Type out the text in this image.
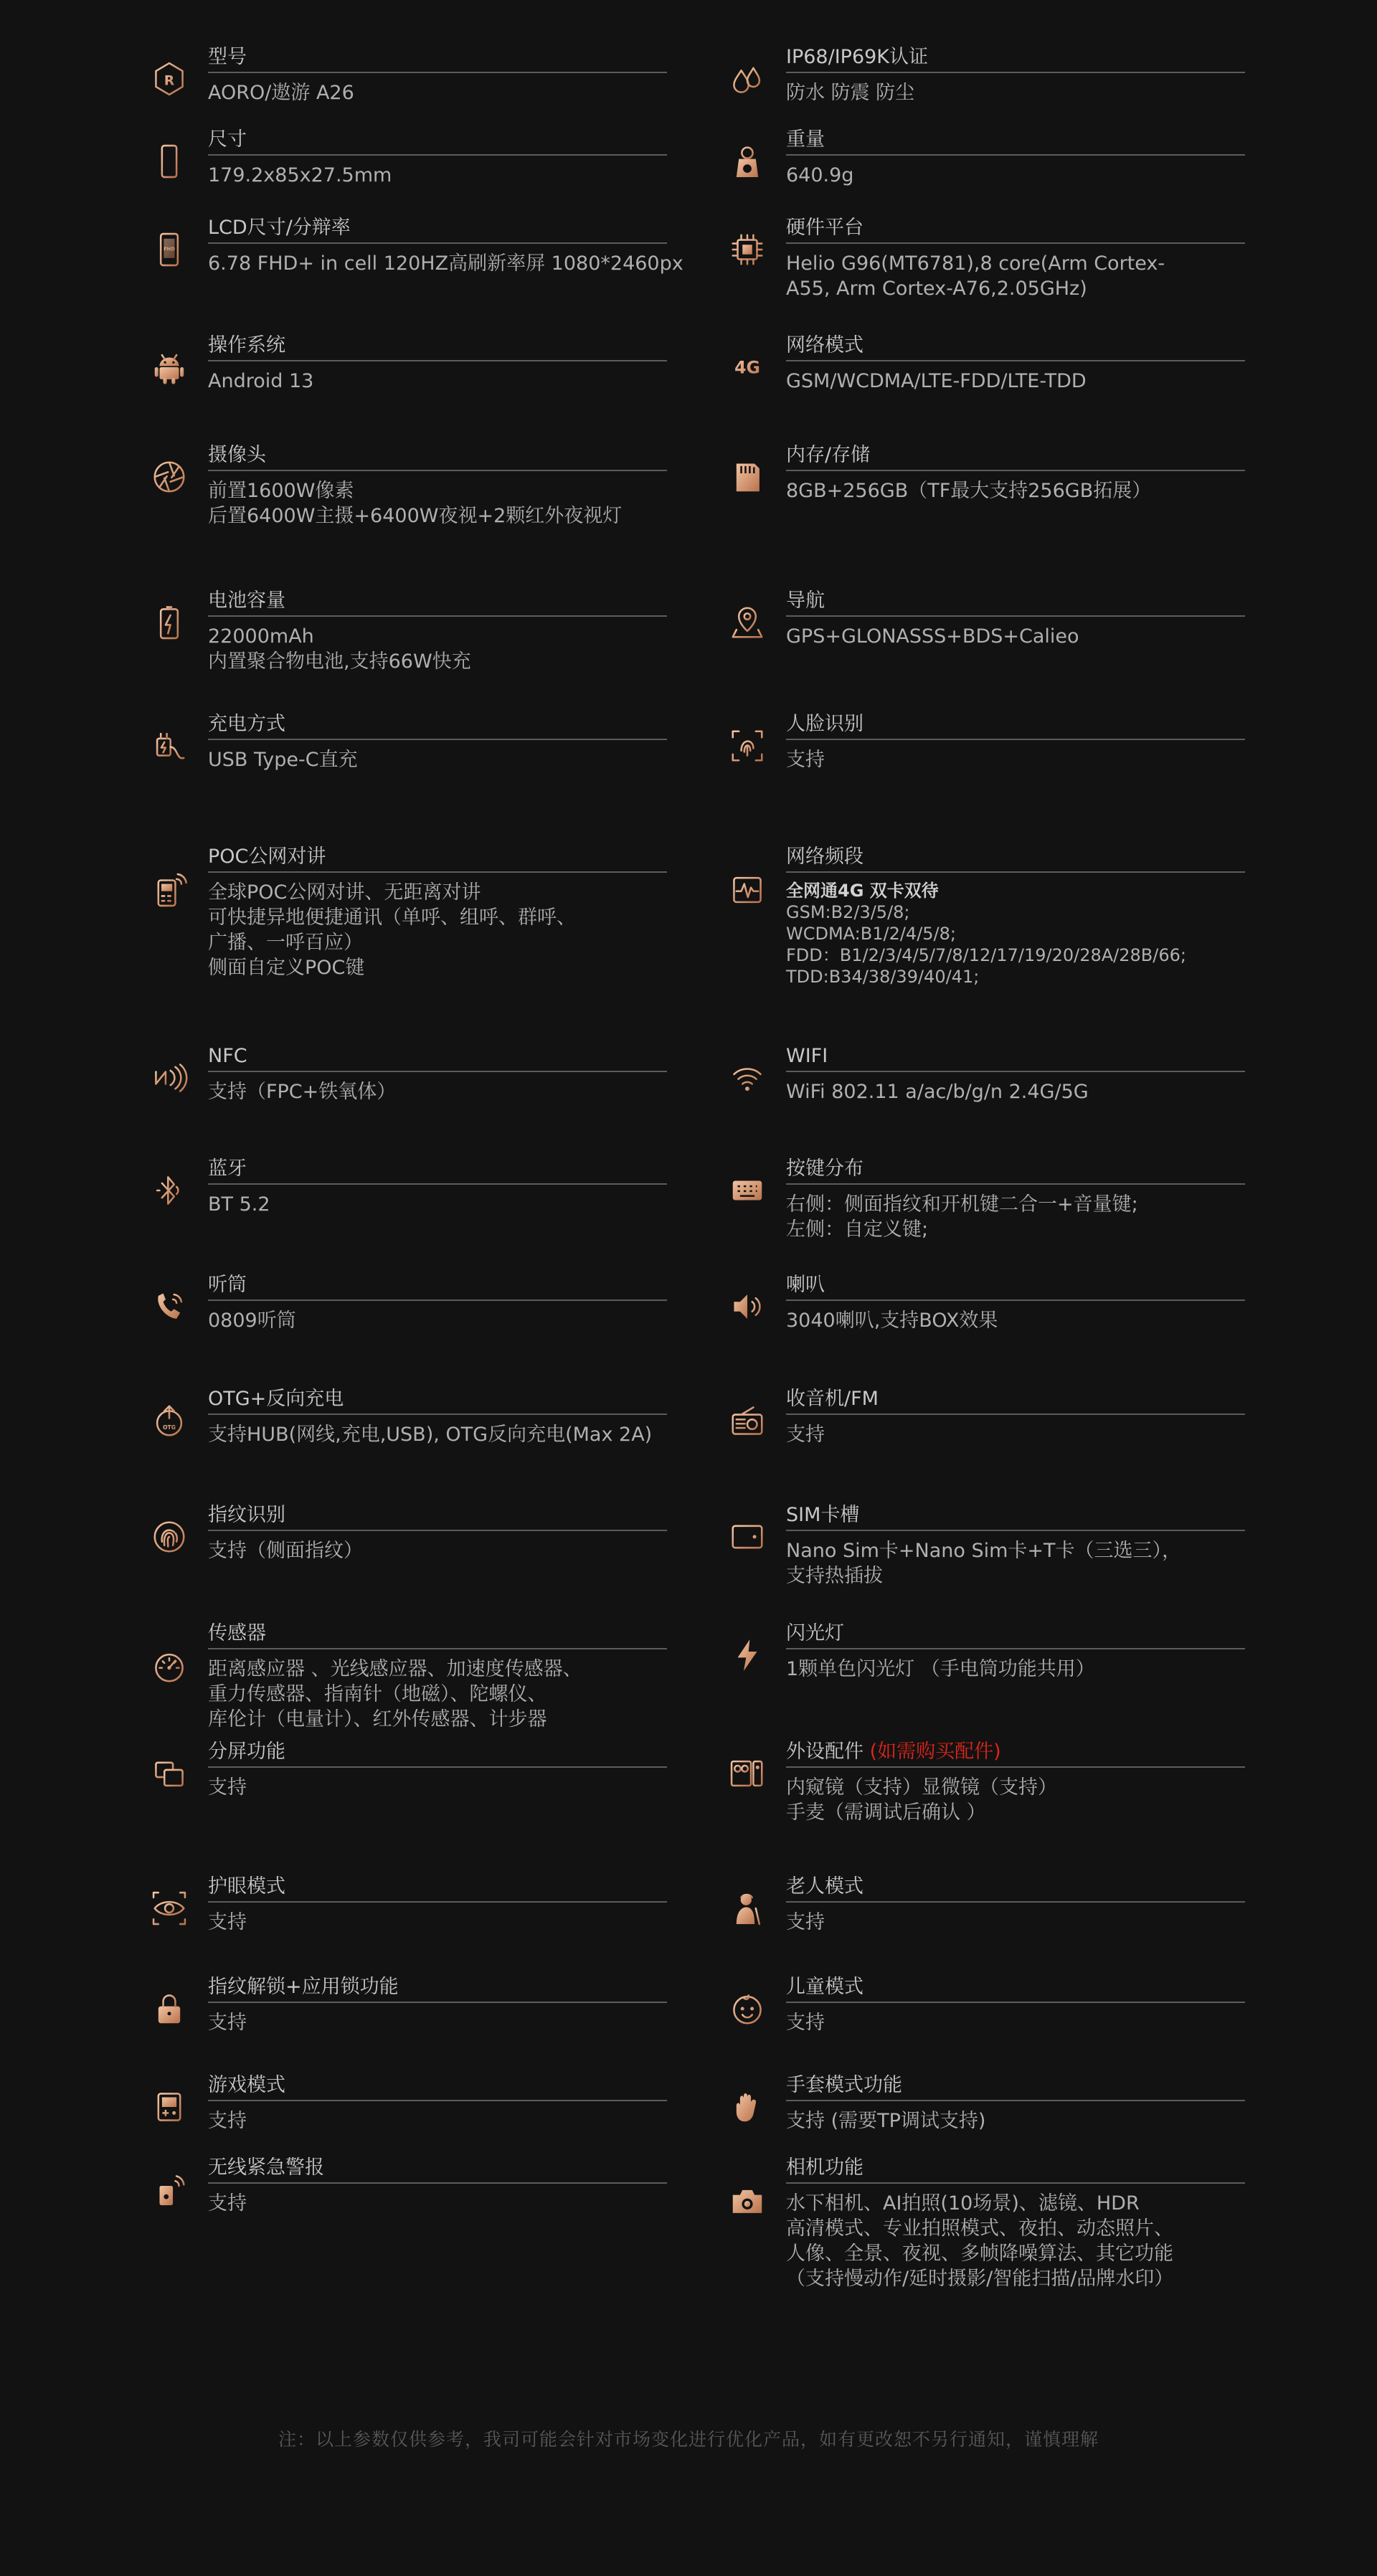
R
型号
AORO/遨游 A26
IP68/IP69K认证
防水 防震 防尘
尺寸
179.2x85x27.5mm
重量
640.9g
FHD
LCD尺寸/分辩率
6.78 FHD+ in cell 120HZ高刷新率屏 1080*2460px
硬件平台
Helio G96(MT6781),8 core(Arm Cortex-
A55, Arm Cortex-A76,2.05GHz)
操作系统
Android 13
4G
网络模式
GSM/WCDMA/LTE-FDD/LTE-TDD
摄像头
前置1600W像素
后置6400W主摄+6400W夜视+2颗红外夜视灯
内存/存储
8GB+256GB（TF最大支持256GB拓展）
电池容量
22000mAh
内置聚合物电池,支持66W快充
导航
GPS+GLONASSS+BDS+Calieo
充电方式
USB Type-C直充
人脸识别
支持
POC公网对讲
全球POC公网对讲、无距离对讲
可快捷异地便捷通讯（单呼、组呼、群呼、
广播、一呼百应）
侧面自定义POC键
网络频段
全网通4G 双卡双待
GSM:B2/3/5/8;
WCDMA:B1/2/4/5/8;
FDD：B1/2/3/4/5/7/8/12/17/19/20/28A/28B/66;
TDD:B34/38/39/40/41;
NFC
支持（FPC+铁氧体）
WIFI
WiFi 802.11 a/ac/b/g/n 2.4G/5G
蓝牙
BT 5.2
按键分布
右侧：侧面指纹和开机键二合一+音量键;
左侧：自定义键;
听筒
0809听筒
喇叭
3040喇叭,支持BOX效果
OTG
OTG+反向充电
支持HUB(网线,充电,USB), OTG反向充电(Max 2A)
收音机/FM
支持
指纹识别
支持（侧面指纹）
SIM卡槽
Nano Sim卡+Nano Sim卡+T卡（三选三），
支持热插拔
传感器
距离感应器 、光线感应器、加速度传感器、
重力传感器、指南针（地磁）、陀螺仪、
库伦计（电量计）、红外传感器、计步器
闪光灯
1颗单色闪光灯 （手电筒功能共用）
分屏功能
支持
外设配件 (如需购买配件)
内窥镜（支持）显微镜（支持）
手麦（需调试后确认 ）
护眼模式
支持
老人模式
支持
指纹解锁+应用锁功能
支持
儿童模式
支持
游戏模式
支持
手套模式功能
支持 (需要TP调试支持)
无线紧急警报
支持
相机功能
水下相机、AI拍照(10场景)、滤镜、HDR
高清模式、专业拍照模式、夜拍、动态照片、
人像、全景、夜视、多帧降噪算法、其它功能
（支持慢动作/延时摄影/智能扫描/品牌水印）
注：以上参数仅供参考，我司可能会针对市场变化进行优化产品，如有更改恕不另行通知，谨慎理解
